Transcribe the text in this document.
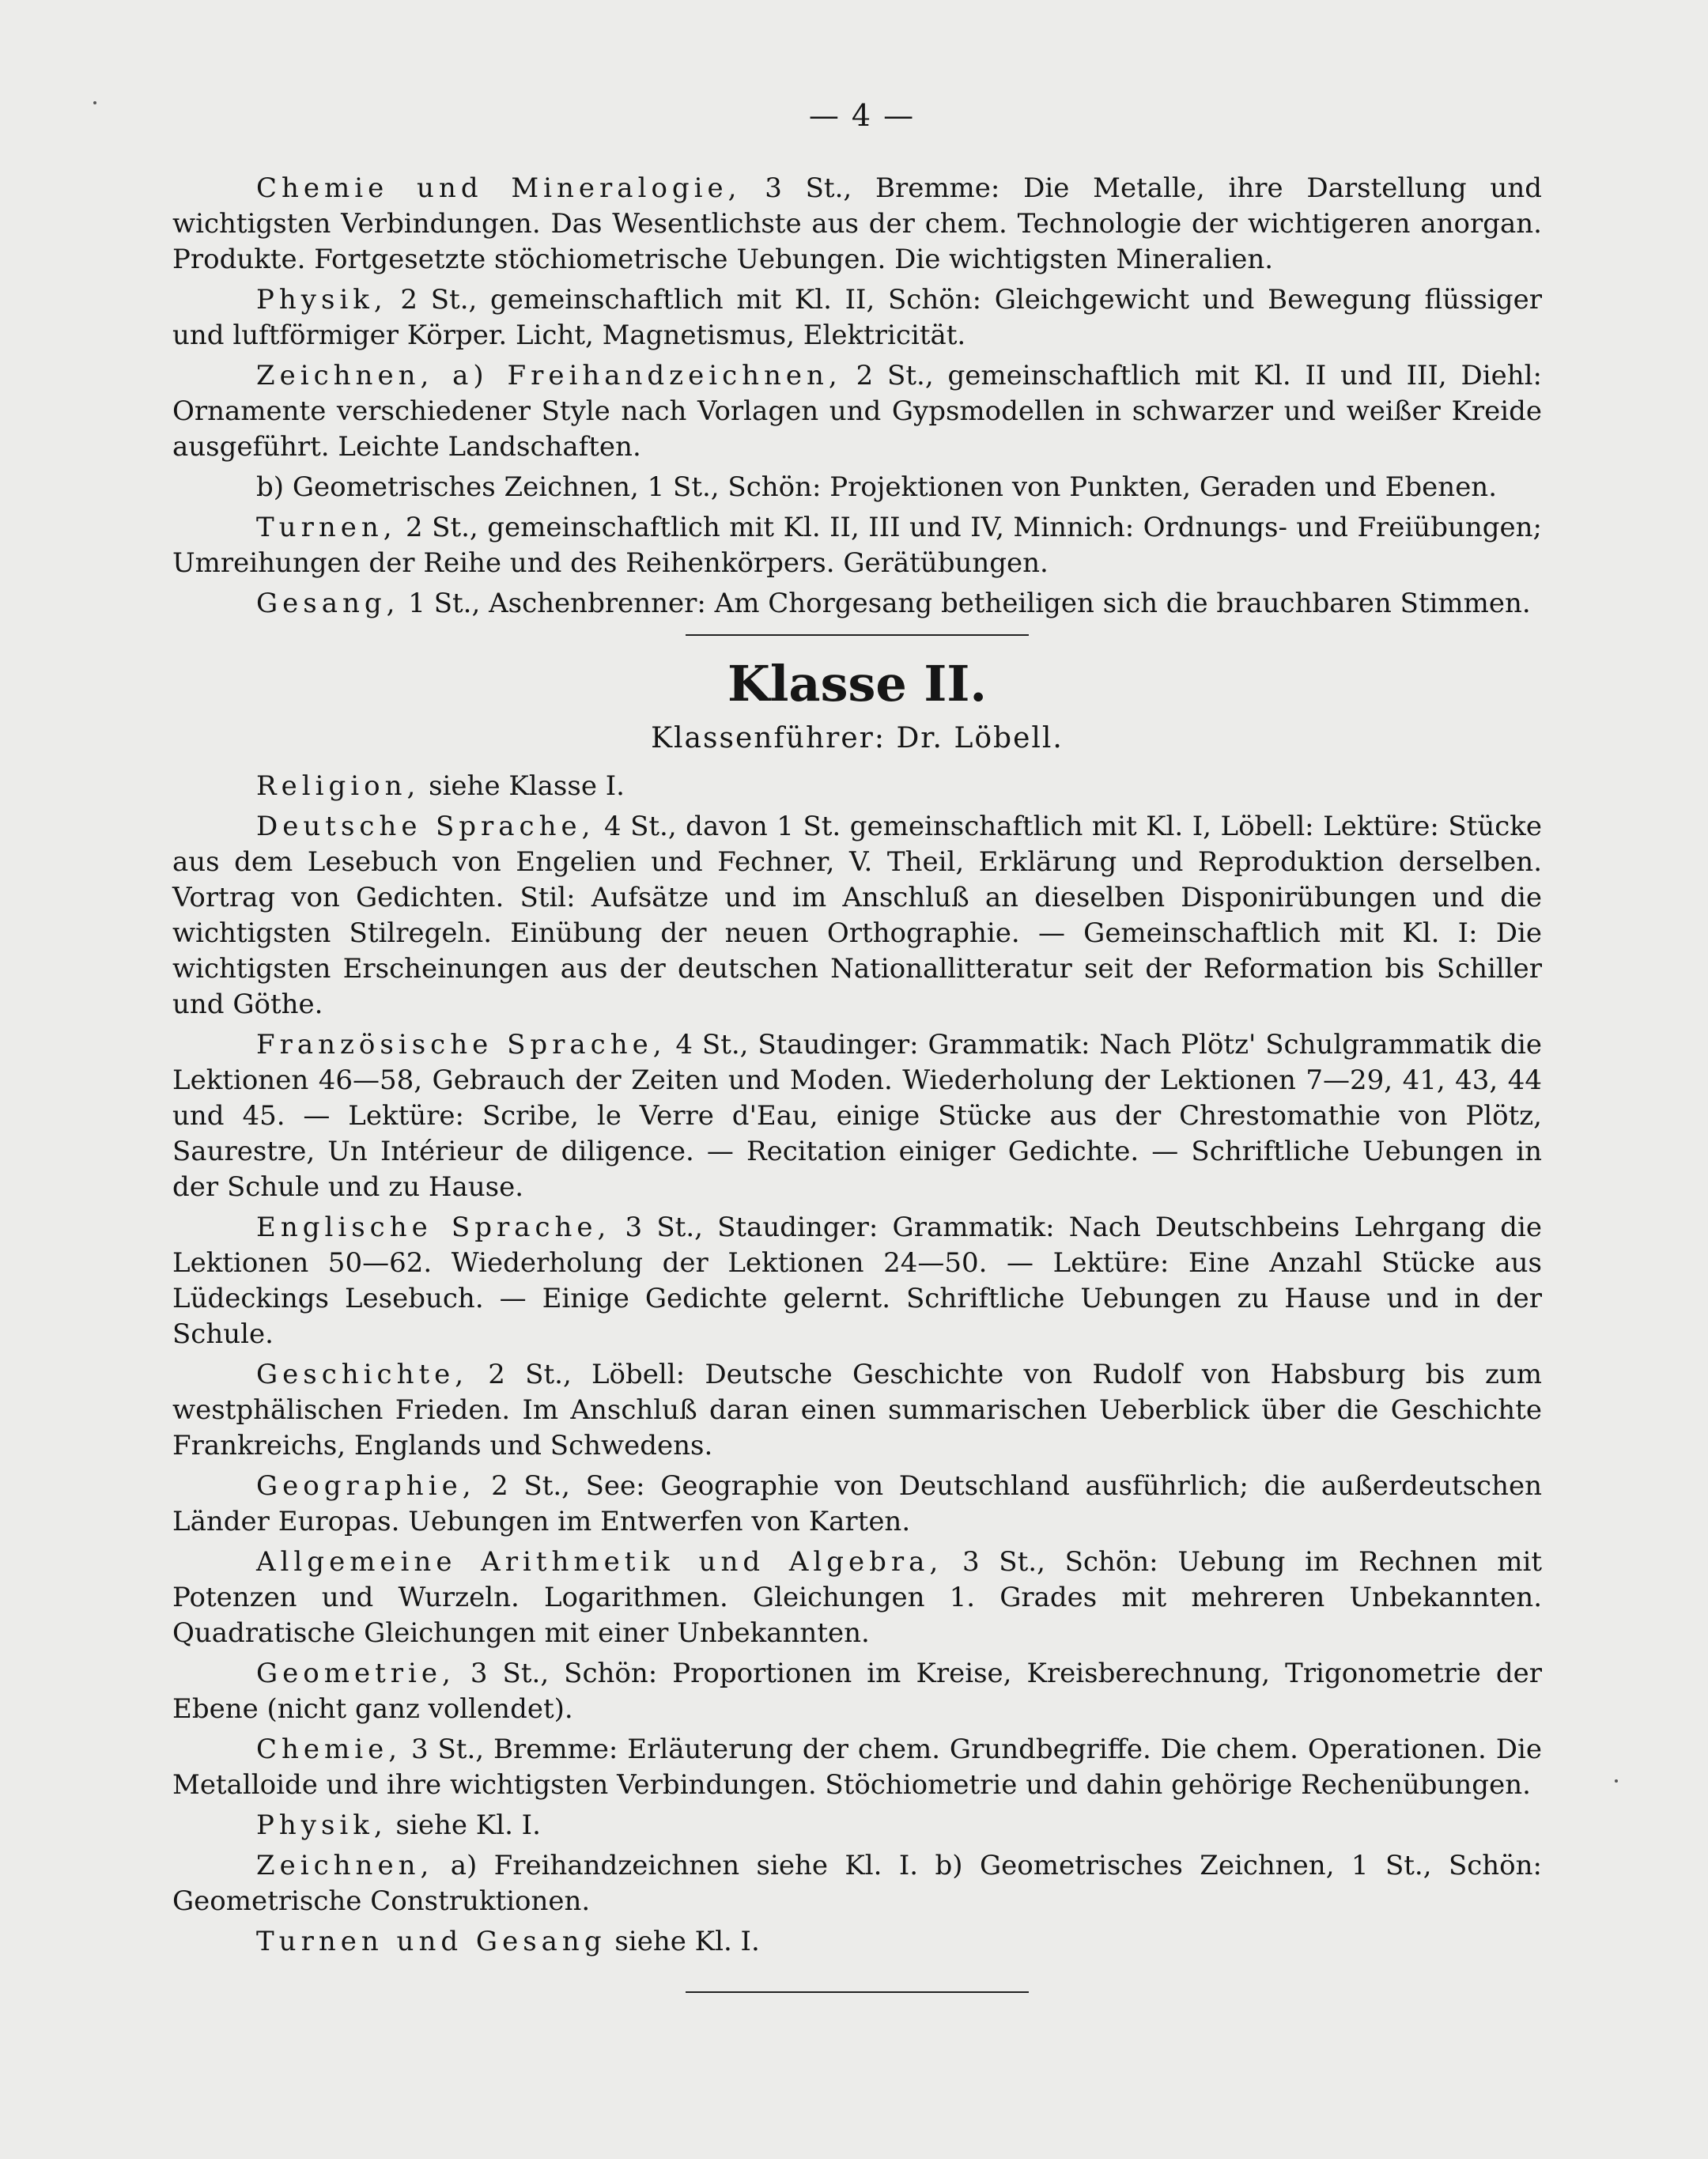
— 4 —

Chemie und Mineralogie, 3 St., Bremme: Die Metalle, ihre Darstellung und wichtigsten Verbindungen. Das Wesentlichste aus der chem. Technologie der wichtigeren anorgan. Produkte. Fortgesetzte stöchiometrische Uebungen. Die wichtigsten Mineralien.

Physik, 2 St., gemeinschaftlich mit Kl. II, Schön: Gleichgewicht und Bewegung flüssiger und luftförmiger Körper. Licht, Magnetismus, Elektricität.

Zeichnen, a) Freihandzeichnen, 2 St., gemeinschaftlich mit Kl. II und III, Diehl: Ornamente verschiedener Style nach Vorlagen und Gypsmodellen in schwarzer und weißer Kreide ausgeführt. Leichte Landschaften.

b) Geometrisches Zeichnen, 1 St., Schön: Projektionen von Punkten, Geraden und Ebenen.

Turnen, 2 St., gemeinschaftlich mit Kl. II, III und IV, Minnich: Ordnungs- und Freiübungen; Umreihungen der Reihe und des Reihenkörpers. Gerätübungen.

Gesang, 1 St., Aschenbrenner: Am Chorgesang betheiligen sich die brauchbaren Stimmen.

Klasse II.
Klassenführer: Dr. Löbell.

Religion, siehe Klasse I.

Deutsche Sprache, 4 St., davon 1 St. gemeinschaftlich mit Kl. I, Löbell: Lektüre: Stücke aus dem Lesebuch von Engelien und Fechner, V. Theil, Erklärung und Reproduktion derselben. Vortrag von Gedichten. Stil: Aufsätze und im Anschluß an dieselben Disponirübungen und die wichtigsten Stilregeln. Einübung der neuen Orthographie. — Gemeinschaftlich mit Kl. I: Die wichtigsten Erscheinungen aus der deutschen Nationallitteratur seit der Reformation bis Schiller und Göthe.

Französische Sprache, 4 St., Staudinger: Grammatik: Nach Plötz' Schulgrammatik die Lektionen 46—58, Gebrauch der Zeiten und Moden. Wiederholung der Lektionen 7—29, 41, 43, 44 und 45. — Lektüre: Scribe, le Verre d'Eau, einige Stücke aus der Chrestomathie von Plötz, Saurestre, Un Intérieur de diligence. — Recitation einiger Gedichte. — Schriftliche Uebungen in der Schule und zu Hause.

Englische Sprache, 3 St., Staudinger: Grammatik: Nach Deutschbeins Lehrgang die Lektionen 50—62. Wiederholung der Lektionen 24—50. — Lektüre: Eine Anzahl Stücke aus Lüdeckings Lesebuch. — Einige Gedichte gelernt. Schriftliche Uebungen zu Hause und in der Schule.

Geschichte, 2 St., Löbell: Deutsche Geschichte von Rudolf von Habsburg bis zum westphälischen Frieden. Im Anschluß daran einen summarischen Ueberblick über die Geschichte Frankreichs, Englands und Schwedens.

Geographie, 2 St., See: Geographie von Deutschland ausführlich; die außerdeutschen Länder Europas. Uebungen im Entwerfen von Karten.

Allgemeine Arithmetik und Algebra, 3 St., Schön: Uebung im Rechnen mit Potenzen und Wurzeln. Logarithmen. Gleichungen 1. Grades mit mehreren Unbekannten. Quadratische Gleichungen mit einer Unbekannten.

Geometrie, 3 St., Schön: Proportionen im Kreise, Kreisberechnung, Trigonometrie der Ebene (nicht ganz vollendet).

Chemie, 3 St., Bremme: Erläuterung der chem. Grundbegriffe. Die chem. Operationen. Die Metalloide und ihre wichtigsten Verbindungen. Stöchiometrie und dahin gehörige Rechenübungen.

Physik, siehe Kl. I.

Zeichnen, a) Freihandzeichnen siehe Kl. I. b) Geometrisches Zeichnen, 1 St., Schön: Geometrische Construktionen.

Turnen und Gesang siehe Kl. I.
